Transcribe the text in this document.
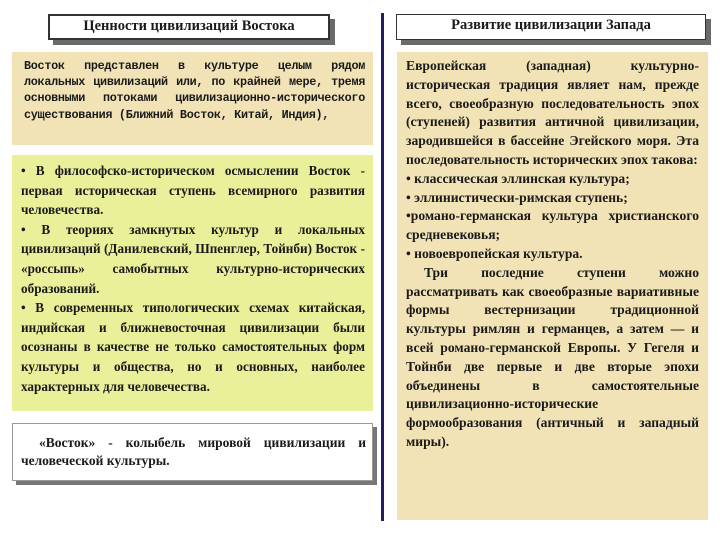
Ценности цивилизаций Востока	Развитие цивилизации Запада

Восток представлен в культуре целым рядом локальных цивилизаций или, по крайней мере, тремя основными потоками цивилизационно-исторического существования (Ближний Восток, Китай, Индия),

• В философско-историческом осмыслении Восток - первая историческая ступень всемирного развития человечества.

• В теориях замкнутых культур и локальных цивилизаций (Данилевский, Шпенглер, Тойнби) Восток - «россыпь» самобытных культурно-исторических образований.

• В современных типологических схемах китайская, индийская и ближневосточная цивилизации были осознаны в качестве не только самостоятельных форм культуры и общества, но и основных, наиболее характерных для человечества.

«Восток» - колыбель мировой цивилизации и человеческой культуры.

Европейская (западная) культурно-историческая традиция являет нам, прежде всего, своеобразную последовательность эпох (ступеней) развития античной цивилизации, зародившейся в бассейне Эгейского моря. Эта последовательность исторических эпох такова:

• классическая эллинская культура;

• эллинистически-римская ступень;

•романо-германская культура христианского средневековья;

• новоевропейская культура.

Три последние ступени можно рассматривать как своеобразные вариативные формы вестернизации традиционной культуры римлян и германцев, а затем — и всей романо-германской Европы. У Гегеля и Тойнби две первые и две вторые эпохи объединены в самостоятельные цивилизационно-исторические формообразования (античный и западный миры).
